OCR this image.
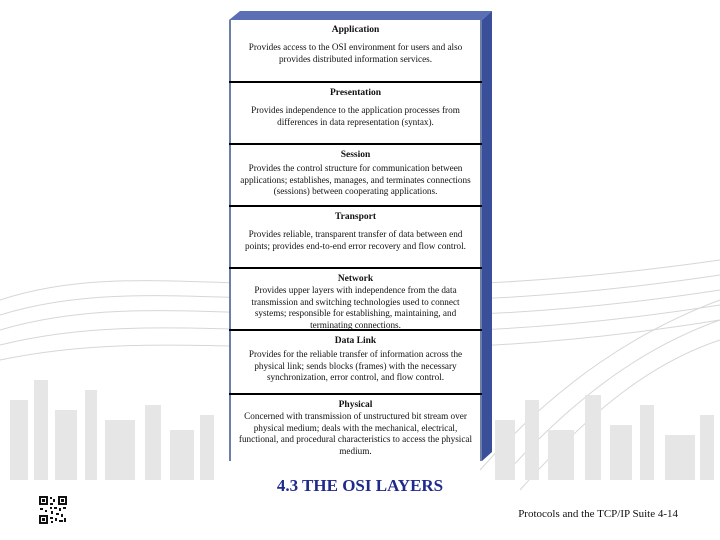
Application
Provides access to the OSI environment for users and also provides distributed information services.
Presentation
Provides independence to the application processes from differences in data representation (syntax).
Session
Provides the control structure for communication between applications; establishes, manages, and terminates connections (sessions) between cooperating applications.
Transport
Provides reliable, transparent transfer of data between end points; provides end-to-end error recovery and flow control.
Network
Provides upper layers with independence from the data transmission and switching technologies used to connect systems; responsible for establishing, maintaining, and terminating connections.
Data Link
Provides for the reliable transfer of information across the physical link; sends blocks (frames) with the necessary synchronization, error control, and flow control.
Physical
Concerned with transmission of unstructured bit stream over physical medium; deals with the mechanical, electrical, functional, and procedural characteristics to access the physical medium.
4.3 THE OSI LAYERS
Protocols and the TCP/IP Suite 4-14
